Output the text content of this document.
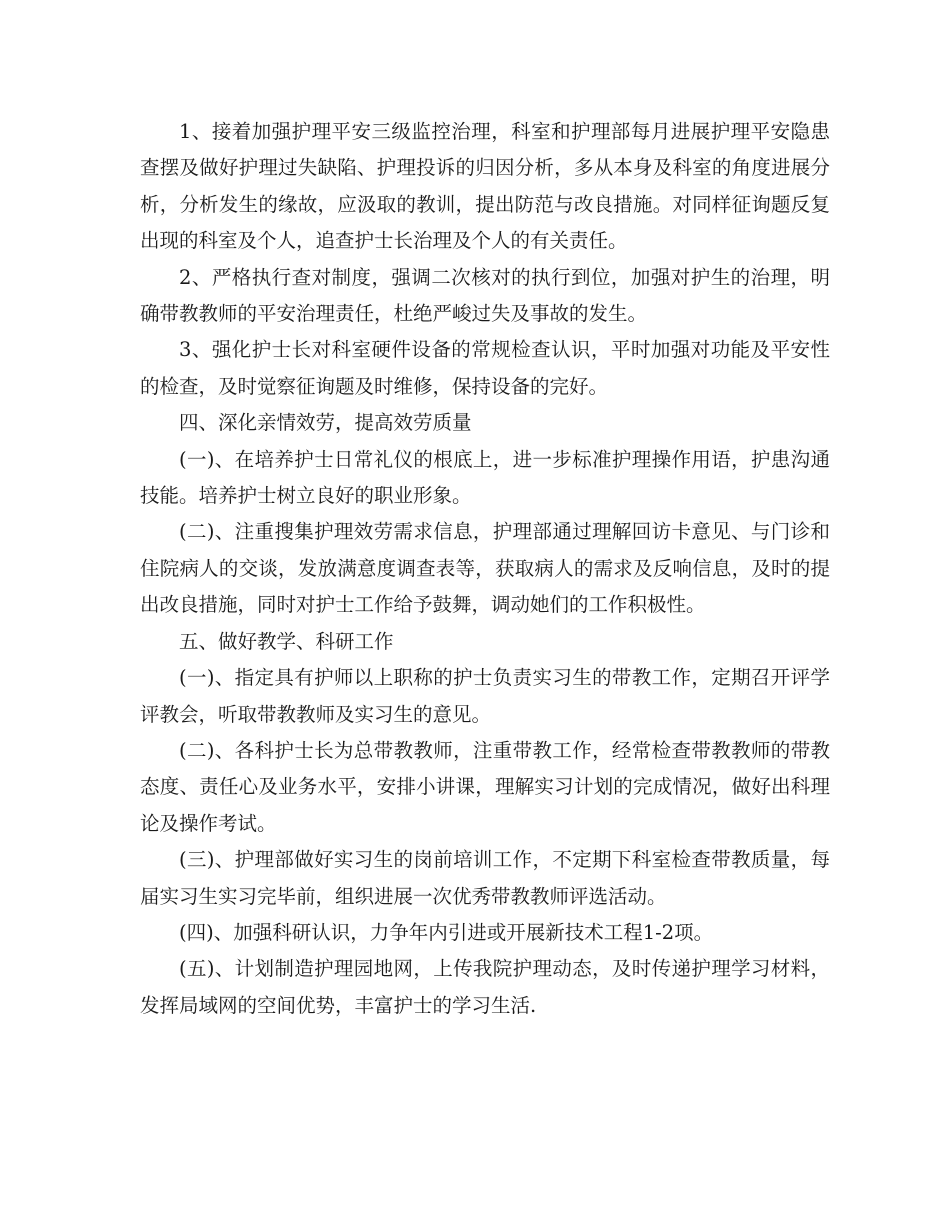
1、接着加强护理平安三级监控治理，科室和护理部每月进展护理平安隐患查摆及做好护理过失缺陷、护理投诉的归因分析，多从本身及科室的角度进展分析，分析发生的缘故，应汲取的教训，提出防范与改良措施。对同样征询题反复出现的科室及个人，追查护士长治理及个人的有关责任。

2、严格执行查对制度，强调二次核对的执行到位，加强对护生的治理，明确带教教师的平安治理责任，杜绝严峻过失及事故的发生。

3、强化护士长对科室硬件设备的常规检查认识，平时加强对功能及平安性的检查，及时觉察征询题及时维修，保持设备的完好。

四、深化亲情效劳，提高效劳质量

(一)、在培养护士日常礼仪的根底上，进一步标准护理操作用语，护患沟通技能。培养护士树立良好的职业形象。

(二)、注重搜集护理效劳需求信息，护理部通过理解回访卡意见、与门诊和住院病人的交谈，发放满意度调查表等，获取病人的需求及反响信息，及时的提出改良措施，同时对护士工作给予鼓舞，调动她们的工作积极性。

五、做好教学、科研工作

(一)、指定具有护师以上职称的护士负责实习生的带教工作，定期召开评学评教会，听取带教教师及实习生的意见。

(二)、各科护士长为总带教教师，注重带教工作，经常检查带教教师的带教态度、责任心及业务水平，安排小讲课，理解实习计划的完成情况，做好出科理论及操作考试。

(三)、护理部做好实习生的岗前培训工作，不定期下科室检查带教质量，每届实习生实习完毕前，组织进展一次优秀带教教师评选活动。

(四)、加强科研认识，力争年内引进或开展新技术工程1-2项。

(五)、计划制造护理园地网，上传我院护理动态，及时传递护理学习材料，发挥局域网的空间优势，丰富护士的学习生活.
